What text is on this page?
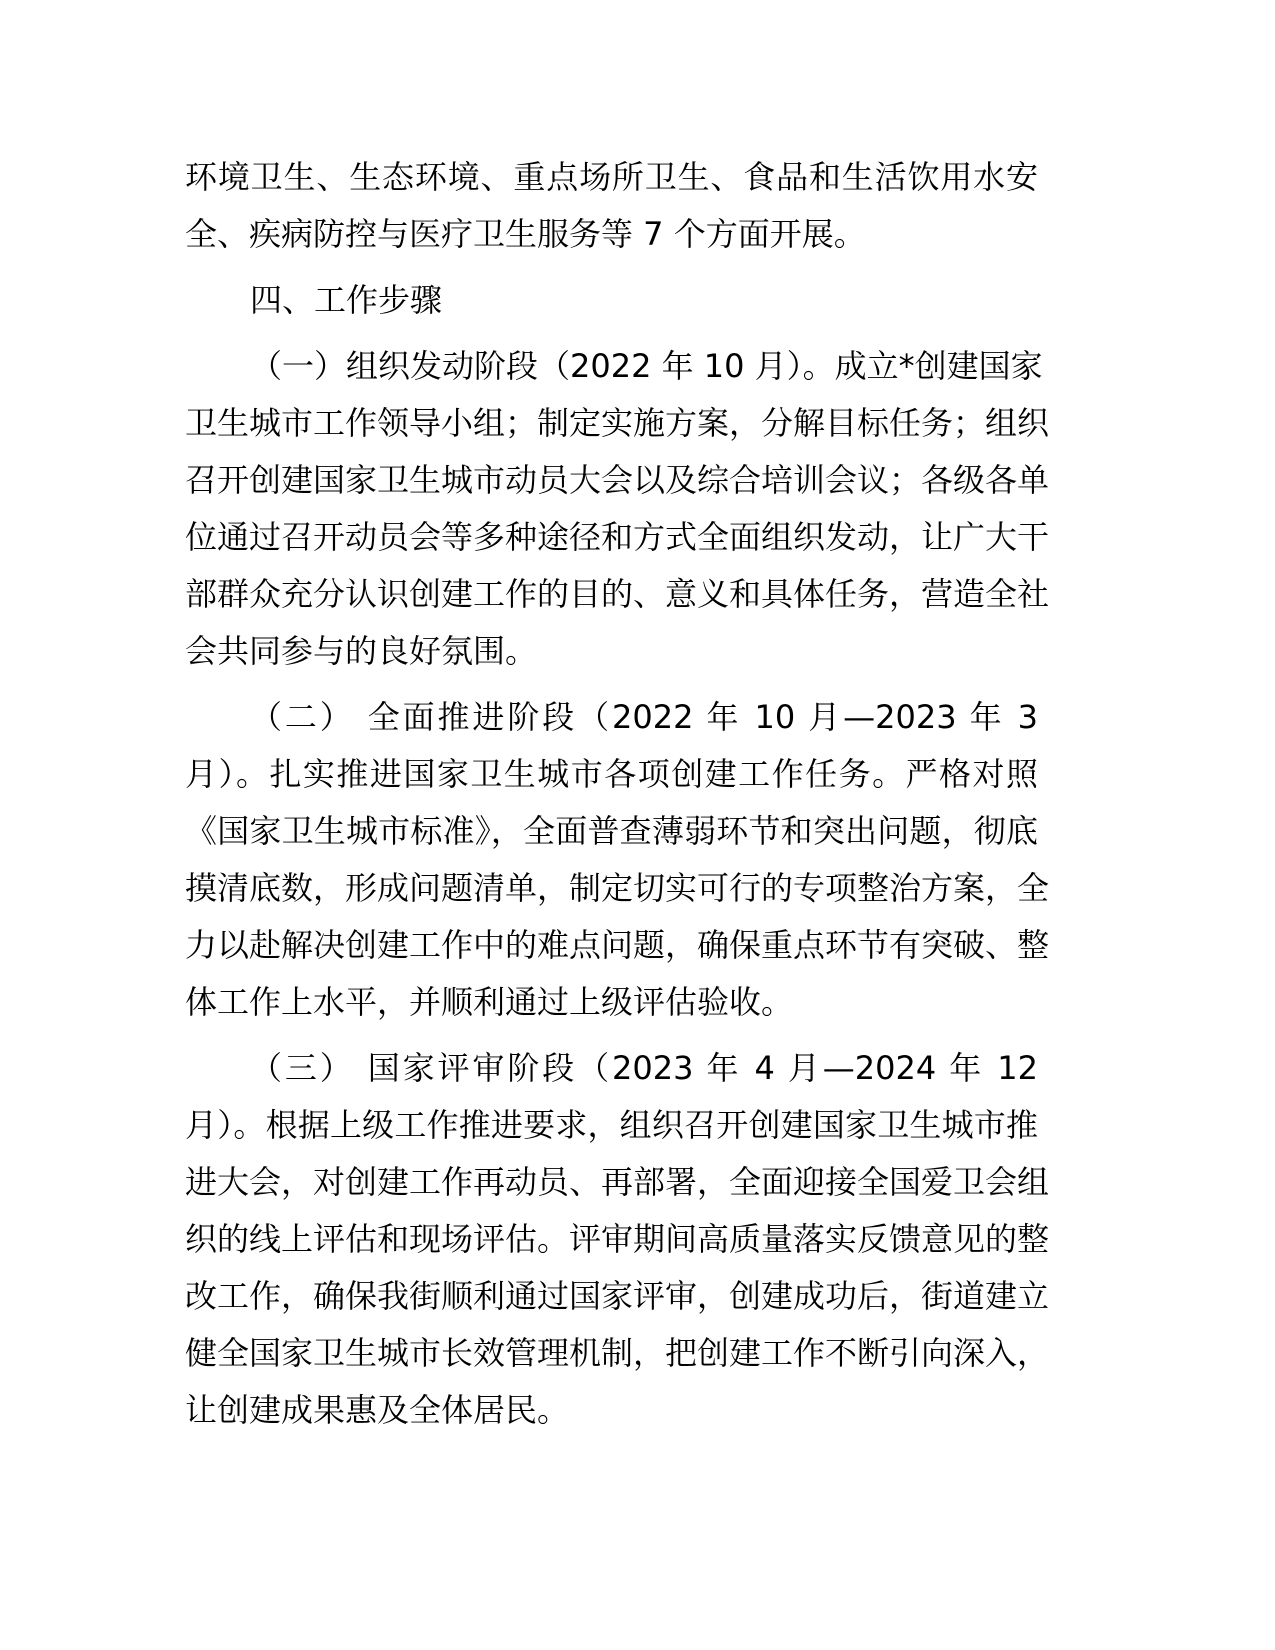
环境卫生、生态环境、重点场所卫生、食品和生活饮用水安
全、疾病防控与医疗卫生服务等 7 个方面开展。
四、工作步骤
（一）组织发动阶段（2022 年 10 月）。成立*创建国家
卫生城市工作领导小组；制定实施方案，分解目标任务；组织
召开创建国家卫生城市动员大会以及综合培训会议；各级各单
位通过召开动员会等多种途径和方式全面组织发动，让广大干
部群众充分认识创建工作的目的、意义和具体任务，营造全社
会共同参与的良好氛围。
（二） 全面推进阶段（2022 年 10 月—2023 年 3
月）。扎实推进国家卫生城市各项创建工作任务。严格对照
《国家卫生城市标准》，全面普查薄弱环节和突出问题，彻底
摸清底数，形成问题清单，制定切实可行的专项整治方案，全
力以赴解决创建工作中的难点问题，确保重点环节有突破、整
体工作上水平，并顺利通过上级评估验收。
（三） 国家评审阶段（2023 年 4 月—2024 年 12
月）。根据上级工作推进要求，组织召开创建国家卫生城市推
进大会，对创建工作再动员、再部署，全面迎接全国爱卫会组
织的线上评估和现场评估。评审期间高质量落实反馈意见的整
改工作，确保我街顺利通过国家评审，创建成功后，街道建立
健全国家卫生城市长效管理机制，把创建工作不断引向深入，
让创建成果惠及全体居民。
